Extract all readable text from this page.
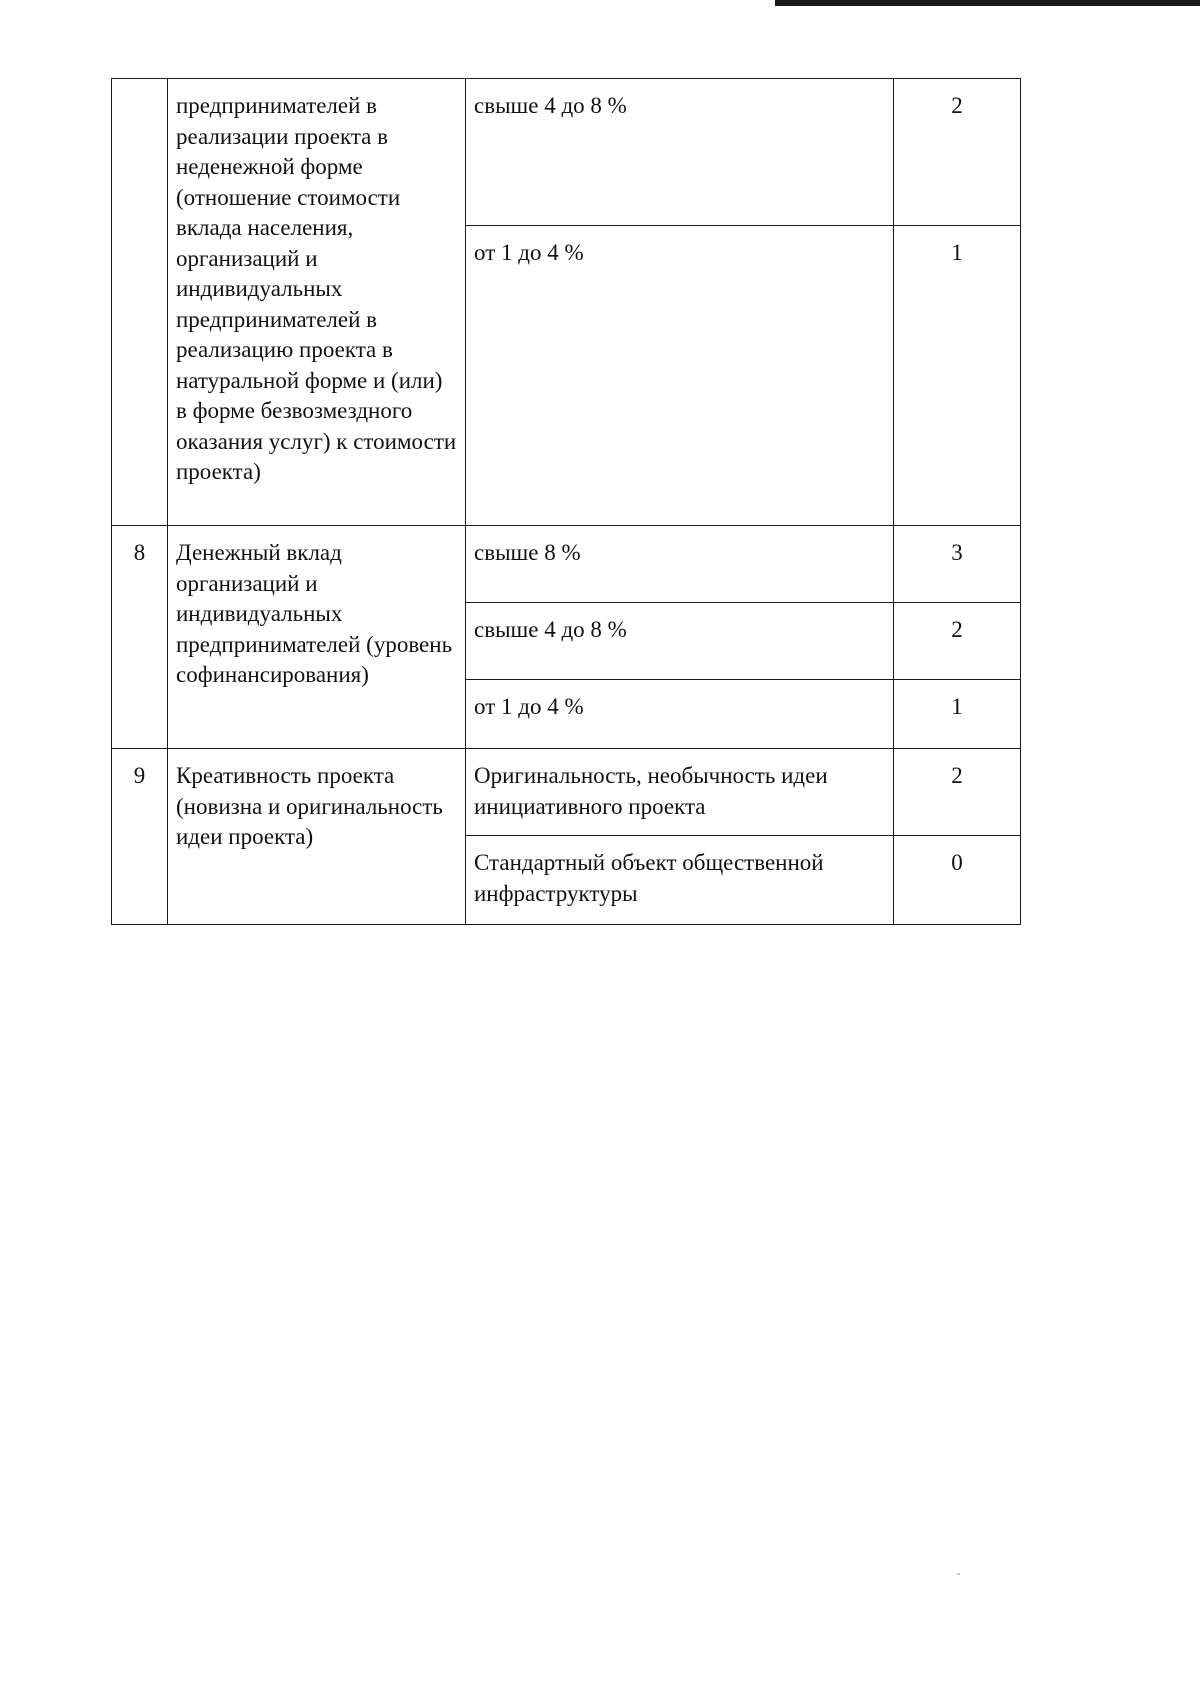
	предпринимателей в реализации проекта в неденежной форме (отношение стоимости вклада населения, организаций и индивидуальных предпринимателей в реализацию проекта в натуральной форме и (или) в форме безвозмездного оказания услуг) к стоимости проекта)	свыше 4 до 8 %	2
		от 1 до 4 %	1
8	Денежный вклад организаций и индивидуальных предпринимателей (уровень софинансирования)	свыше 8 %	3
		свыше 4 до 8 %	2
		от 1 до 4 %	1
9	Креативность проекта (новизна и оригинальность идеи проекта)	Оригинальность, необычность идеи инициативного проекта	2
		Стандартный объект общественной инфраструктуры	0
